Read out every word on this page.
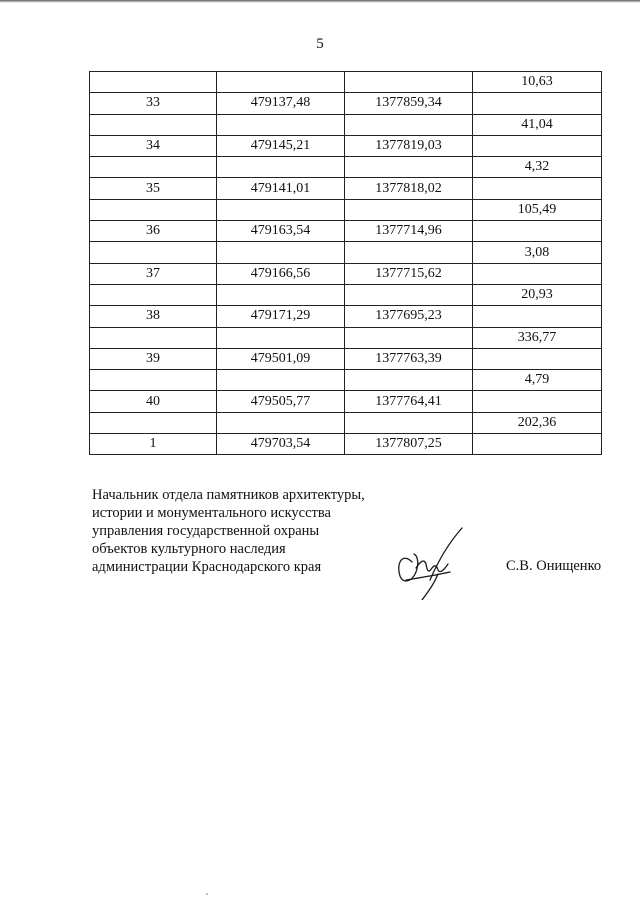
5
			10,63
33	479137,48	1377859,34	
			41,04
34	479145,21	1377819,03	
			4,32
35	479141,01	1377818,02	
			105,49
36	479163,54	1377714,96	
			3,08
37	479166,56	1377715,62	
			20,93
38	479171,29	1377695,23	
			336,77
39	479501,09	1377763,39	
			4,79
40	479505,77	1377764,41	
			202,36
1	479703,54	1377807,25	
Начальник отдела памятников архитектуры,
истории и монументального искусства
управления государственной охраны
объектов культурного наследия
администрации Краснодарского края	С.В. Онищенко
